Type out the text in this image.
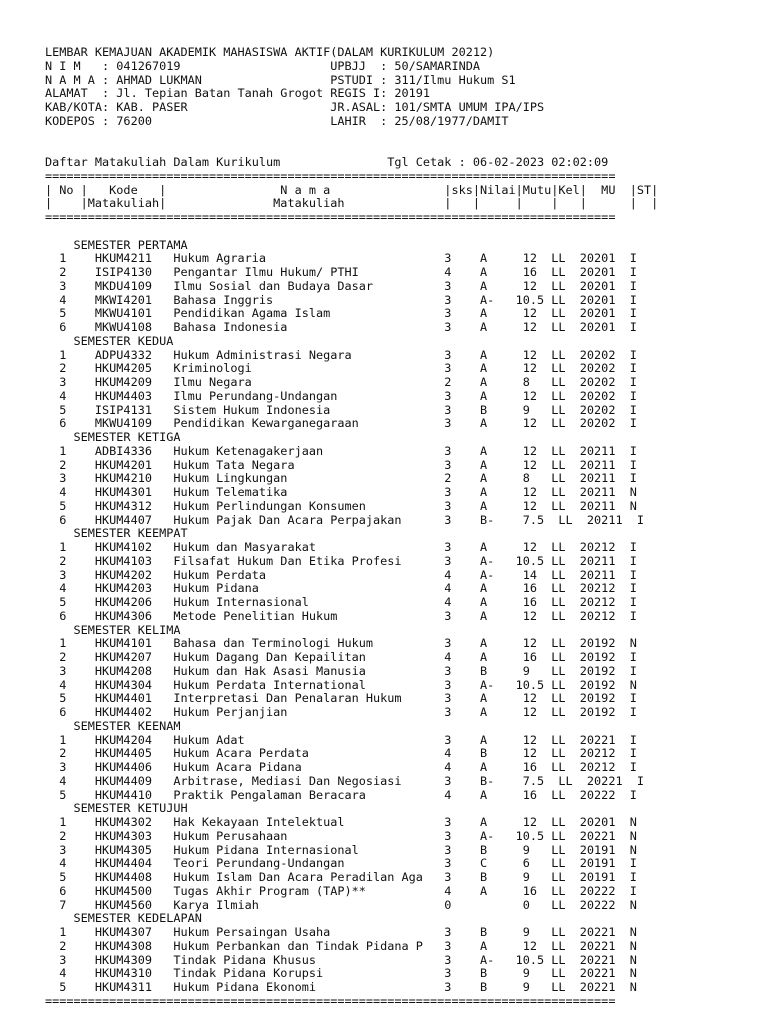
LEMBAR KEMAJUAN AKADEMIK MAHASISWA AKTIF(DALAM KURIKULUM 20212)
N I M   : 041267019                     UPBJJ  : 50/SAMARINDA
N A M A : AHMAD LUKMAN                  PSTUDI : 311/Ilmu Hukum S1
ALAMAT  : Jl. Tepian Batan Tanah Grogot REGIS I: 20191
KAB/KOTA: KAB. PASER                    JR.ASAL: 101/SMTA UMUM IPA/IPS
KODEPOS : 76200                         LAHIR  : 25/08/1977/DAMIT
Daftar Matakuliah Dalam Kurikulum               Tgl Cetak : 06-02-2023 02:02:09
================================================================================
| No |   Kode   |                N a m a                |sks|Nilai|Mutu|Kel|  MU  |ST|
|    |Matakuliah|               Matakuliah              |   |     |    |   |      |  |
================================================================================
SEMESTER PERTAMA
1    HKUM4211   Hukum Agraria                         3    A     12  LL  20201  I
2    ISIP4130   Pengantar Ilmu Hukum/ PTHI            4    A     16  LL  20201  I
3    MKDU4109   Ilmu Sosial dan Budaya Dasar          3    A     12  LL  20201  I
4    MKWI4201   Bahasa Inggris                        3    A-   10.5 LL  20201  I
5    MKWU4101   Pendidikan Agama Islam                3    A     12  LL  20201  I
6    MKWU4108   Bahasa Indonesia                      3    A     12  LL  20201  I
SEMESTER KEDUA
1    ADPU4332   Hukum Administrasi Negara             3    A     12  LL  20202  I
2    HKUM4205   Kriminologi                           3    A     12  LL  20202  I
3    HKUM4209   Ilmu Negara                           2    A     8   LL  20202  I
4    HKUM4403   Ilmu Perundang-Undangan               3    A     12  LL  20202  I
5    ISIP4131   Sistem Hukum Indonesia                3    B     9   LL  20202  I
6    MKWU4109   Pendidikan Kewarganegaraan            3    A     12  LL  20202  I
SEMESTER KETIGA
1    ADBI4336   Hukum Ketenagakerjaan                 3    A     12  LL  20211  I
2    HKUM4201   Hukum Tata Negara                     3    A     12  LL  20211  I
3    HKUM4210   Hukum Lingkungan                      2    A     8   LL  20211  I
4    HKUM4301   Hukum Telematika                      3    A     12  LL  20211  N
5    HKUM4312   Hukum Perlindungan Konsumen           3    A     12  LL  20211  N
6    HKUM4407   Hukum Pajak Dan Acara Perpajakan      3    B-    7.5  LL  20211  I
SEMESTER KEEMPAT
1    HKUM4102   Hukum dan Masyarakat                  3    A     12  LL  20212  I
2    HKUM4103   Filsafat Hukum Dan Etika Profesi      3    A-   10.5 LL  20211  I
3    HKUM4202   Hukum Perdata                         4    A-    14  LL  20211  I
4    HKUM4203   Hukum Pidana                          4    A     16  LL  20212  I
5    HKUM4206   Hukum Internasional                   4    A     16  LL  20212  I
6    HKUM4306   Metode Penelitian Hukum               3    A     12  LL  20212  I
SEMESTER KELIMA
1    HKUM4101   Bahasa dan Terminologi Hukum          3    A     12  LL  20192  N
2    HKUM4207   Hukum Dagang Dan Kepailitan           4    A     16  LL  20192  I
3    HKUM4208   Hukum dan Hak Asasi Manusia           3    B     9   LL  20192  I
4    HKUM4304   Hukum Perdata International           3    A-   10.5 LL  20192  N
5    HKUM4401   Interpretasi Dan Penalaran Hukum      3    A     12  LL  20192  I
6    HKUM4402   Hukum Perjanjian                      3    A     12  LL  20192  I
SEMESTER KEENAM
1    HKUM4204   Hukum Adat                            3    A     12  LL  20221  I
2    HKUM4405   Hukum Acara Perdata                   4    B     12  LL  20212  I
3    HKUM4406   Hukum Acara Pidana                    4    A     16  LL  20212  I
4    HKUM4409   Arbitrase, Mediasi Dan Negosiasi      3    B-    7.5  LL  20221  I
5    HKUM4410   Praktik Pengalaman Beracara           4    A     16  LL  20222  I
SEMESTER KETUJUH
1    HKUM4302   Hak Kekayaan Intelektual              3    A     12  LL  20201  N
2    HKUM4303   Hukum Perusahaan                      3    A-   10.5 LL  20221  N
3    HKUM4305   Hukum Pidana Internasional            3    B     9   LL  20191  N
4    HKUM4404   Teori Perundang-Undangan              3    C     6   LL  20191  I
5    HKUM4408   Hukum Islam Dan Acara Peradilan Aga   3    B     9   LL  20191  I
6    HKUM4500   Tugas Akhir Program (TAP)**           4    A     16  LL  20222  I
7    HKUM4560   Karya Ilmiah                          0          0   LL  20222  N
SEMESTER KEDELAPAN
1    HKUM4307   Hukum Persaingan Usaha                3    B     9   LL  20221  N
2    HKUM4308   Hukum Perbankan dan Tindak Pidana P   3    A     12  LL  20221  N
3    HKUM4309   Tindak Pidana Khusus                  3    A-   10.5 LL  20221  N
4    HKUM4310   Tindak Pidana Korupsi                 3    B     9   LL  20221  N
5    HKUM4311   Hukum Pidana Ekonomi                  3    B     9   LL  20221  N
================================================================================
